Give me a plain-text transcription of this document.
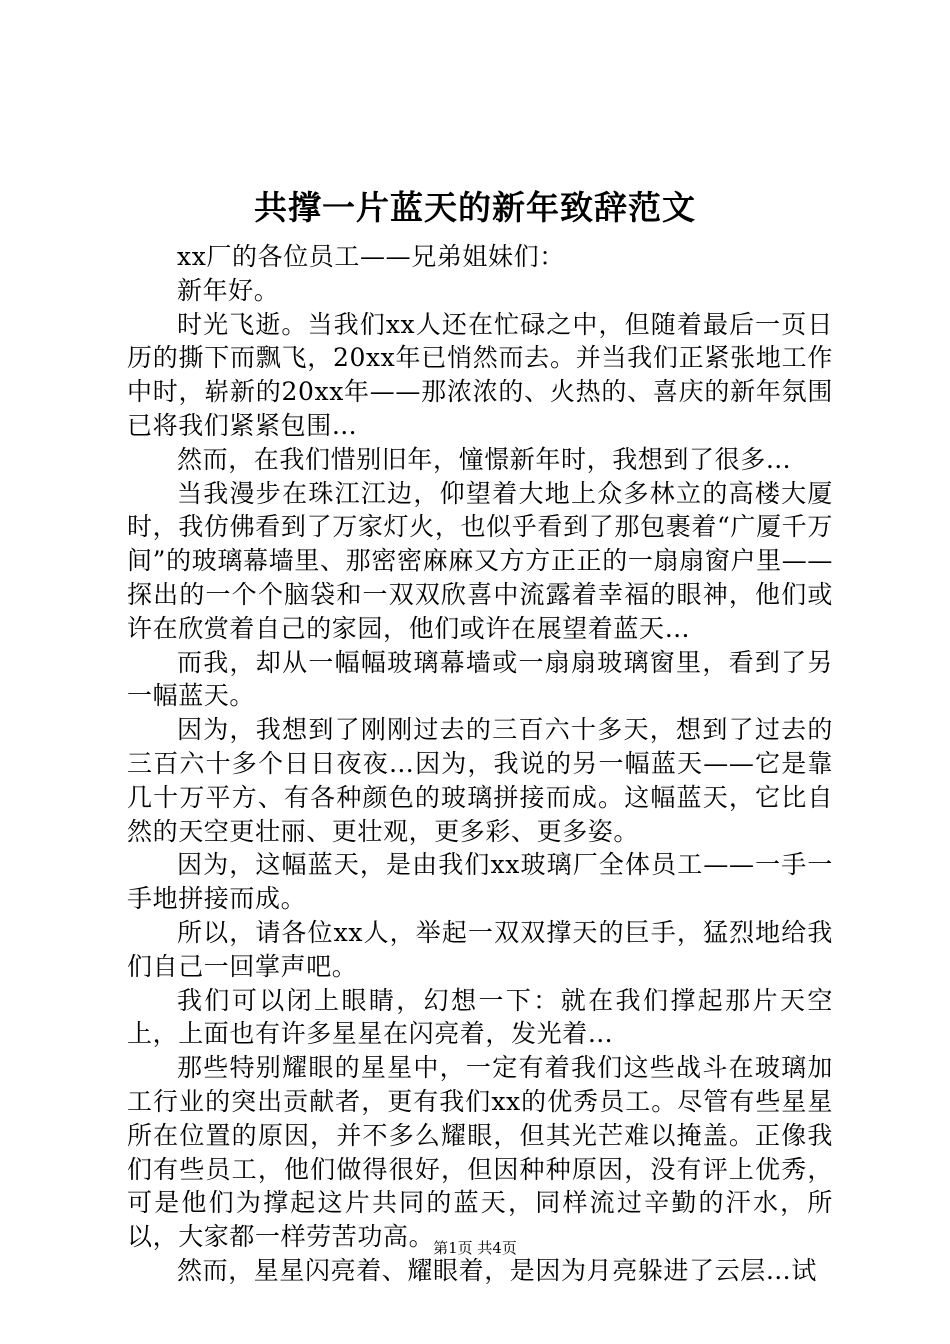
共撑一片蓝天的新年致辞范文

xx厂的各位员工——兄弟姐妹们：

新年好。

时光飞逝。当我们xx人还在忙碌之中，但随着最后一页日历的撕下而飘飞，20xx年已悄然而去。并当我们正紧张地工作中时，崭新的20xx年——那浓浓的、火热的、喜庆的新年氛围已将我们紧紧包围…

然而，在我们惜别旧年，憧憬新年时，我想到了很多…

当我漫步在珠江江边，仰望着大地上众多林立的高楼大厦时，我仿佛看到了万家灯火，也似乎看到了那包裹着“广厦千万间”的玻璃幕墙里、那密密麻麻又方方正正的一扇扇窗户里——探出的一个个脑袋和一双双欣喜中流露着幸福的眼神，他们或许在欣赏着自己的家园，他们或许在展望着蓝天…

而我，却从一幅幅玻璃幕墙或一扇扇玻璃窗里，看到了另一幅蓝天。

因为，我想到了刚刚过去的三百六十多天，想到了过去的三百六十多个日日夜夜…因为，我说的另一幅蓝天——它是靠几十万平方、有各种颜色的玻璃拼接而成。这幅蓝天，它比自然的天空更壮丽、更壮观，更多彩、更多姿。

因为，这幅蓝天，是由我们xx玻璃厂全体员工——一手一手地拼接而成。

所以，请各位xx人，举起一双双撑天的巨手，猛烈地给我们自己一回掌声吧。

我们可以闭上眼睛，幻想一下：就在我们撑起那片天空上，上面也有许多星星在闪亮着，发光着…

那些特别耀眼的星星中，一定有着我们这些战斗在玻璃加工行业的突出贡献者，更有我们xx的优秀员工。尽管有些星星所在位置的原因，并不多么耀眼，但其光芒难以掩盖。正像我们有些员工，他们做得很好，但因种种原因，没有评上优秀，可是他们为撑起这片共同的蓝天，同样流过辛勤的汗水，所以，大家都一样劳苦功高。

然而，星星闪亮着、耀眼着，是因为月亮躲进了云层…试

第1页 共4页
